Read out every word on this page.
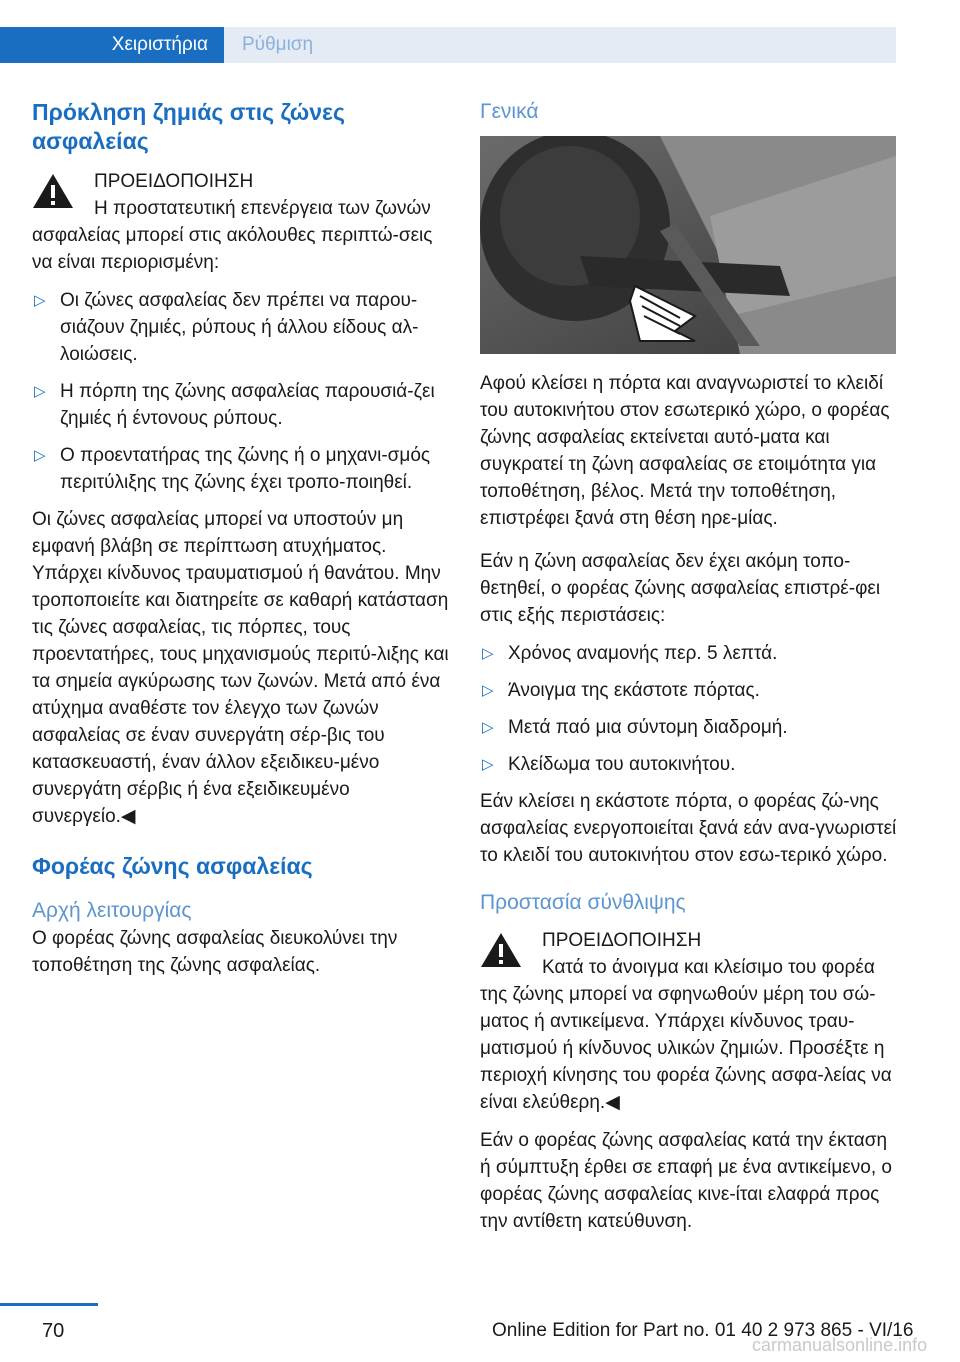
Χειριστήρια Ρύθμιση

Πρόκληση ζημιάς στις ζώνες ασφαλείας

ΠΡΟΕΙΔΟΠΟΙΗΣΗ

Η προστατευτική επενέργεια των ζωνών ασφαλείας μπορεί στις ακόλουθες περιπτώ‐σεις να είναι περιορισμένη:

▷ Οι ζώνες ασφαλείας δεν πρέπει να παρου‐σιάζουν ζημιές, ρύπους ή άλλου είδους αλ‐λοιώσεις.
▷ Η πόρπη της ζώνης ασφαλείας παρουσιά‐ζει ζημιές ή έντονους ρύπους.
▷ Ο προεντατήρας της ζώνης ή ο μηχανι‐σμός περιτύλιξης της ζώνης έχει τροπο‐ποιηθεί.

Οι ζώνες ασφαλείας μπορεί να υποστούν μη εμφανή βλάβη σε περίπτωση ατυχήματος. Υπάρχει κίνδυνος τραυματισμού ή θανάτου. Μην τροποποιείτε και διατηρείτε σε καθαρή κατάσταση τις ζώνες ασφαλείας, τις πόρπες, τους προεντατήρες, τους μηχανισμούς περιτύ‐λιξης και τα σημεία αγκύρωσης των ζωνών. Μετά από ένα ατύχημα αναθέστε τον έλεγχο των ζωνών ασφαλείας σε έναν συνεργάτη σέρ‐βις του κατασκευαστή, έναν άλλον εξειδικευ‐μένο συνεργάτη σέρβις ή ένα εξειδικευμένο συνεργείο.◀

Φορέας ζώνης ασφαλείας

Αρχή λειτουργίας

Ο φορέας ζώνης ασφαλείας διευκολύνει την τοποθέτηση της ζώνης ασφαλείας.

Γενικά

Αφού κλείσει η πόρτα και αναγνωριστεί το κλειδί του αυτοκινήτου στον εσωτερικό χώρο, ο φορέας ζώνης ασφαλείας εκτείνεται αυτό‐ματα και συγκρατεί τη ζώνη ασφαλείας σε ετοιμότητα για τοποθέτηση, βέλος. Μετά την τοποθέτηση, επιστρέφει ξανά στη θέση ηρε‐μίας.

Εάν η ζώνη ασφαλείας δεν έχει ακόμη τοπο‐θετηθεί, ο φορέας ζώνης ασφαλείας επιστρέ‐φει στις εξής περιστάσεις:

▷ Χρόνος αναμονής περ. 5 λεπτά.
▷ Άνοιγμα της εκάστοτε πόρτας.
▷ Μετά παό μια σύντομη διαδρομή.
▷ Κλείδωμα του αυτοκινήτου.

Εάν κλείσει η εκάστοτε πόρτα, ο φορέας ζώ‐νης ασφαλείας ενεργοποιείται ξανά εάν ανα‐γνωριστεί το κλειδί του αυτοκινήτου στον εσω‐τερικό χώρο.

Προστασία σύνθλιψης

ΠΡΟΕΙΔΟΠΟΙΗΣΗ

Κατά το άνοιγμα και κλείσιμο του φορέα της ζώνης μπορεί να σφηνωθούν μέρη του σώ‐ματος ή αντικείμενα. Υπάρχει κίνδυνος τραυ‐ματισμού ή κίνδυνος υλικών ζημιών. Προσέξτε η περιοχή κίνησης του φορέα ζώνης ασφα‐λείας να είναι ελεύθερη.◀

Εάν ο φορέας ζώνης ασφαλείας κατά την έκταση ή σύμπτυξη έρθει σε επαφή με ένα αντικείμενο, ο φορέας ζώνης ασφαλείας κινε‐ίται ελαφρά προς την αντίθετη κατεύθυνση.

70	Online Edition for Part no. 01 40 2 973 865 - VI/16
carmanualsonline.info
